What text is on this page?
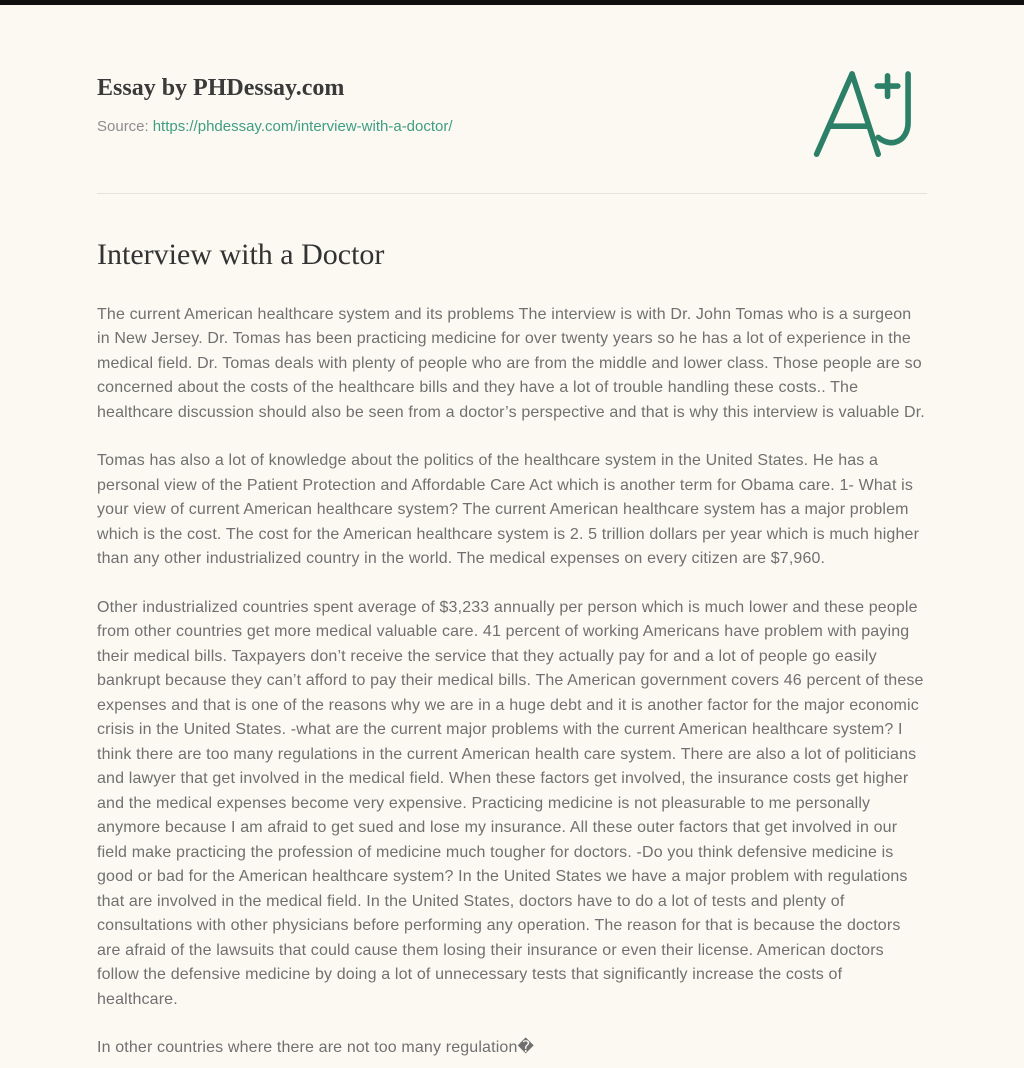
Essay by PHDessay.com
Source: https://phdessay.com/interview-with-a-doctor/
Interview with a Doctor

The current American healthcare system and its problems The interview is with Dr. John Tomas who is a surgeon in New Jersey. Dr. Tomas has been practicing medicine for over twenty years so he has a lot of experience in the medical field. Dr. Tomas deals with plenty of people who are from the middle and lower class. Those people are so concerned about the costs of the healthcare bills and they have a lot of trouble handling these costs.. The healthcare discussion should also be seen from a doctor’s perspective and that is why this interview is valuable Dr.

Tomas has also a lot of knowledge about the politics of the healthcare system in the United States. He has a personal view of the Patient Protection and Affordable Care Act which is another term for Obama care. 1- What is your view of current American healthcare system? The current American healthcare system has a major problem which is the cost. The cost for the American healthcare system is 2. 5 trillion dollars per year which is much higher than any other industrialized country in the world. The medical expenses on every citizen are $7,960.

Other industrialized countries spent average of $3,233 annually per person which is much lower and these people from other countries get more medical valuable care. 41 percent of working Americans have problem with paying their medical bills. Taxpayers don’t receive the service that they actually pay for and a lot of people go easily bankrupt because they can’t afford to pay their medical bills. The American government covers 46 percent of these expenses and that is one of the reasons why we are in a huge debt and it is another factor for the major economic crisis in the United States. -what are the current major problems with the current American healthcare system? I think there are too many regulations in the current American health care system. There are also a lot of politicians and lawyer that get involved in the medical field. When these factors get involved, the insurance costs get higher and the medical expenses become very expensive. Practicing medicine is not pleasurable to me personally anymore because I am afraid to get sued and lose my insurance. All these outer factors that get involved in our field make practicing the profession of medicine much tougher for doctors. -Do you think defensive medicine is good or bad for the American healthcare system? In the United States we have a major problem with regulations that are involved in the medical field. In the United States, doctors have to do a lot of tests and plenty of consultations with other physicians before performing any operation. The reason for that is because the doctors are afraid of the lawsuits that could cause them losing their insurance or even their license. American doctors follow the defensive medicine by doing a lot of unnecessary tests that significantly increase the costs of healthcare.

In other countries where there are not too many regulation�
